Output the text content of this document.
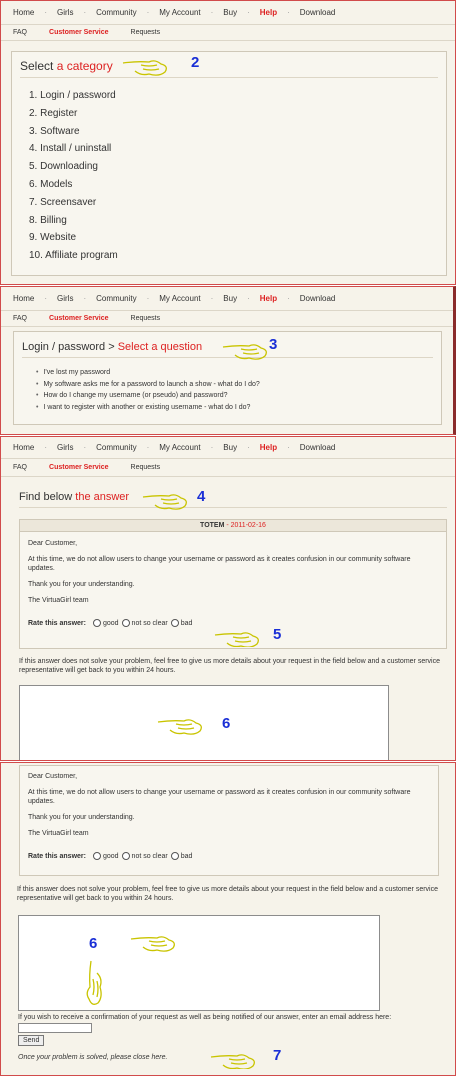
Home · Girls · Community · My Account · Buy · Help · Download
FAQ	Customer Service	Requests
Select a category
1. Login / password
2. Register
3. Software
4. Install / uninstall
5. Downloading
6. Models
7. Screensaver
8. Billing
9. Website
10. Affiliate program
2
Home · Girls · Community · My Account · Buy · Help · Download
FAQ	Customer Service	Requests
Login / password > Select a question
• I've lost my password
• My software asks me for a password to launch a show - what do I do?
• How do I change my username (or pseudo) and password?
• I want to register with another or existing username - what do I do?
3
Home · Girls · Community · My Account · Buy · Help · Download
FAQ	Customer Service	Requests
Find below the answer	4
TOTEM - 2011-02-16

Dear Customer,

At this time, we do not allow users to change your username or password as it creates confusion in our community software updates.

Thank you for your understanding.

The VirtuaGirl team

Rate this answer: good not so clear bad
5
If this answer does not solve your problem, feel free to give us more details about your request in the field below and a customer service representative will get back to you within 24 hours.
6

Dear Customer,

At this time, we do not allow users to change your username or password as it creates confusion in our community software updates.

Thank you for your understanding.

The VirtuaGirl team

Rate this answer: good not so clear bad
If this answer does not solve your problem, feel free to give us more details about your request in the field below and a customer service representative will get back to you within 24 hours.
6
If you wish to receive a confirmation of your request as well as being notified of our answer, enter an email address here:
Send
Once your problem is solved, please close here.	7
